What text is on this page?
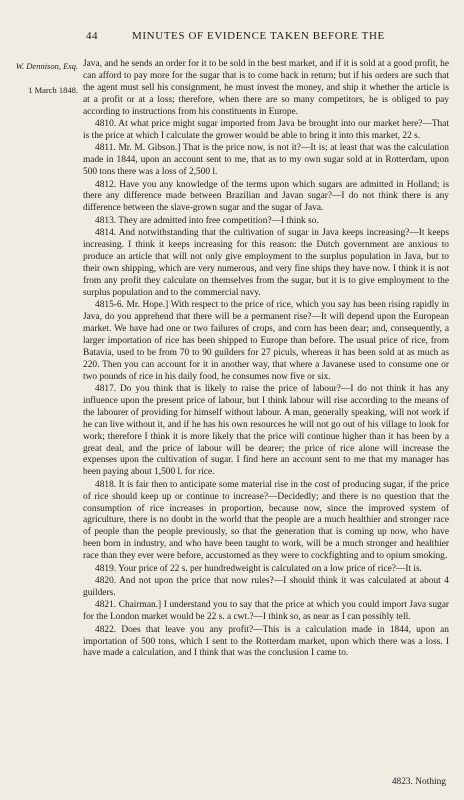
44	MINUTES OF EVIDENCE TAKEN BEFORE THE
W. Dennison, Esq.
1 March 1848.

Java, and he sends an order for it to be sold in the best market, and if it is sold at a good profit, he can afford to pay more for the sugar that is to come back in return; but if his orders are such that the agent must sell his consignment, he must invest the money, and ship it whether the article is at a profit or at a loss; therefore, when there are so many competitors, he is obliged to pay according to instructions from his constituents in Europe.

4810. At what price might sugar imported from Java be brought into our market here?—That is the price at which I calculate the grower would be able to bring it into this market, 22 s.

4811. Mr. M. Gibson.] That is the price now, is not it?—It is; at least that was the calculation made in 1844, upon an account sent to me, that as to my own sugar sold at in Rotterdam, upon 500 tons there was a loss of 2,500 l.

4812. Have you any knowledge of the terms upon which sugars are admitted in Holland; is there any difference made between Brazilian and Javan sugar?—I do not think there is any difference between the slave-grown sugar and the sugar of Java.

4813. They are admitted into free competition?—I think so.

4814. And notwithstanding that the cultivation of sugar in Java keeps increasing?—It keeps increasing. I think it keeps increasing for this reason: the Dutch government are anxious to produce an article that will not only give employment to the surplus population in Java, but to their own shipping, which are very numerous, and very fine ships they have now. I think it is not from any profit they calculate on themselves from the sugar, but it is to give employment to the surplus population and to the commercial navy.

4815-6. Mr. Hope.] With respect to the price of rice, which you say has been rising rapidly in Java, do you apprehend that there will be a permanent rise?—It will depend upon the European market. We have had one or two failures of crops, and corn has been dear; and, consequently, a larger importation of rice has been shipped to Europe than before. The usual price of rice, from Batavia, used to be from 70 to 90 guilders for 27 piculs, whereas it has been sold at as much as 220. Then you can account for it in another way, that where a Javanese used to consume one or two pounds of rice in his daily food, he consumes now five or six.

4817. Do you think that is likely to raise the price of labour?—I do not think it has any influence upon the present price of labour, but I think labour will rise according to the means of the labourer of providing for himself without labour. A man, generally speaking, will not work if he can live without it, and if he has his own resources he will not go out of his village to look for work; therefore I think it is more likely that the price will continue higher than it has been by a great deal, and the price of labour will be dearer; the price of rice alone will increase the expenses upon the cultivation of sugar. I find here an account sent to me that my manager has been paying about 1,500 l. for rice.

4818. It is fair then to anticipate some material rise in the cost of producing sugar, if the price of rice should keep up or continue to increase?—Decidedly; and there is no question that the consumption of rice increases in proportion, because now, since the improved system of agriculture, there is no doubt in the world that the people are a much healthier and stronger race of people than the people previously, so that the generation that is coming up now, who have been born in industry, and who have been taught to work, will be a much stronger and healthier race than they ever were before, accustomed as they were to cockfighting and to opium smoking.

4819. Your price of 22 s. per hundredweight is calculated on a low price of rice?—It is.

4820. And not upon the price that now rules?—I should think it was calculated at about 4 guilders.

4821. Chairman.] I understand you to say that the price at which you could import Java sugar for the London market would be 22 s. a cwt.?—I think so, as near as I can possibly tell.

4822. Does that leave you any profit?—This is a calculation made in 1844, upon an importation of 500 tons, which I sent to the Rotterdam market, upon which there was a loss. I have made a calculation, and I think that was the conclusion I came to.

4823. Nothing
